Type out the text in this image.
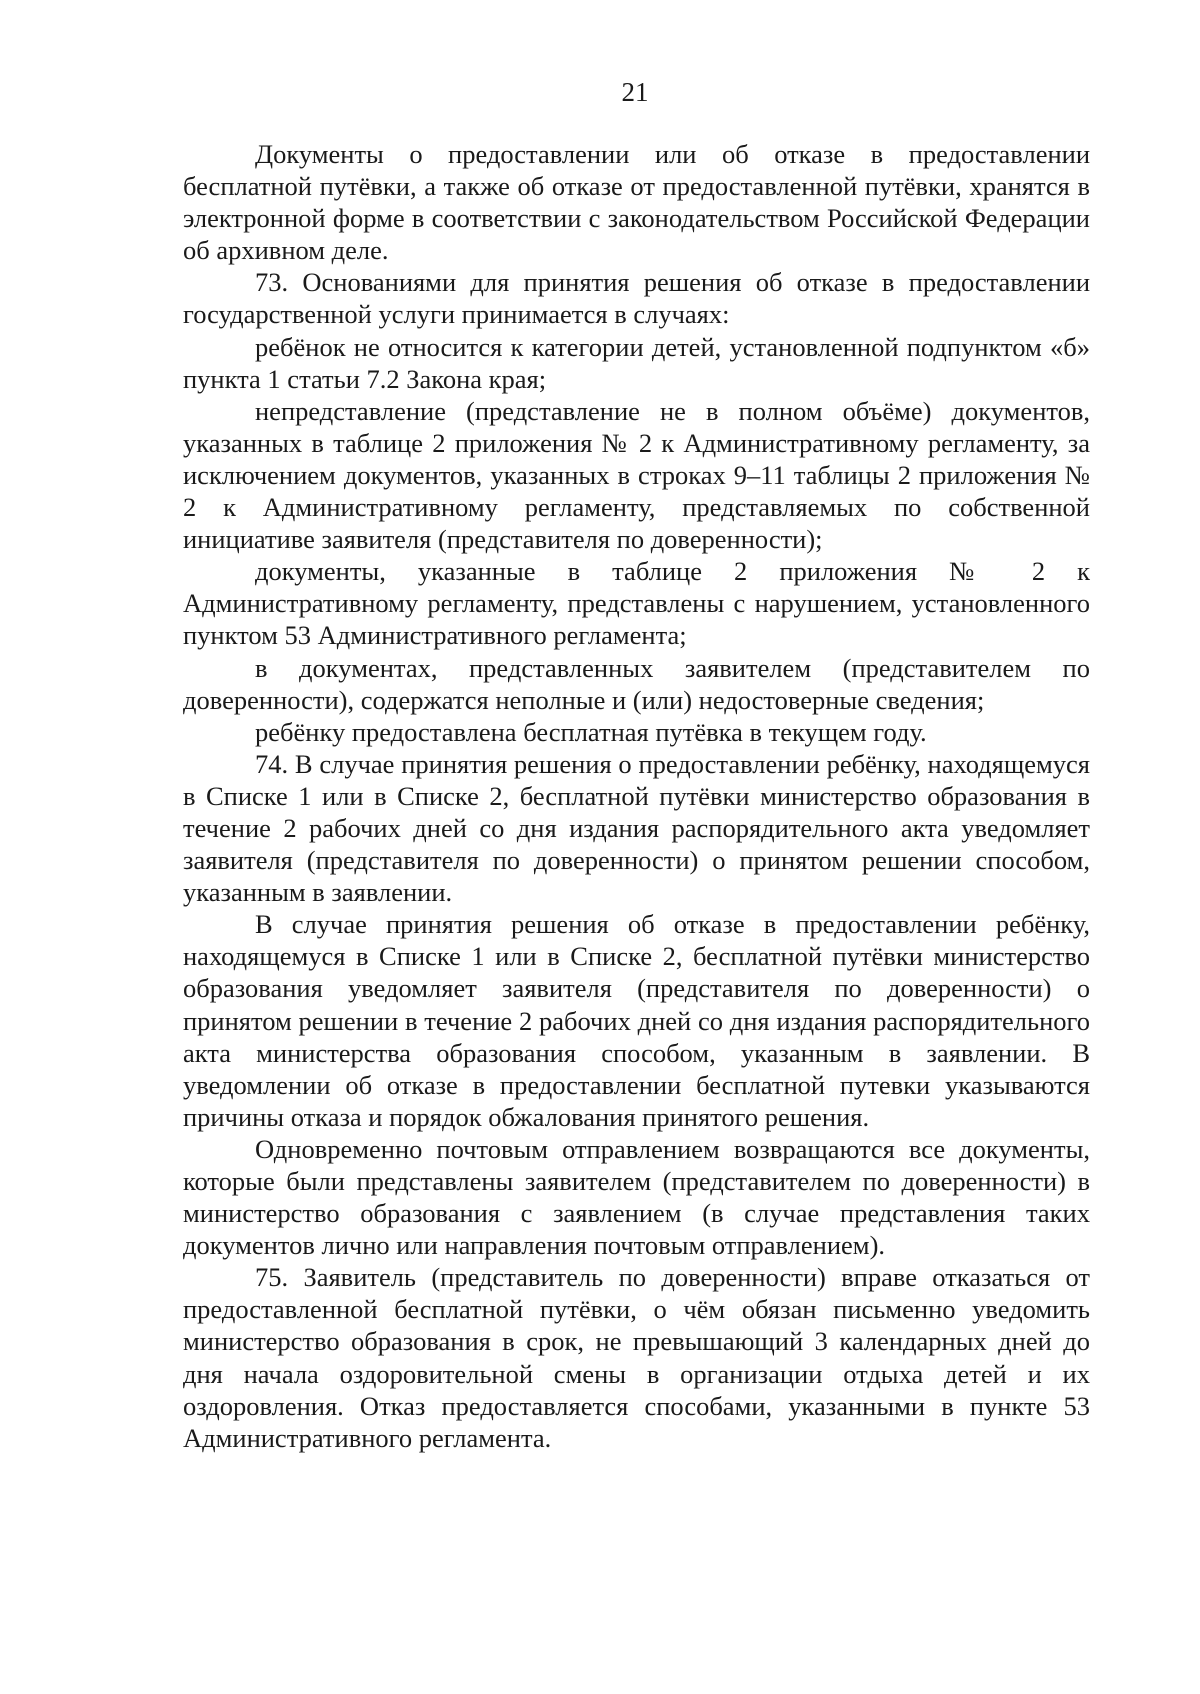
21

Документы о предоставлении или об отказе в предоставлении бесплатной путёвки, а также об отказе от предоставленной путёвки, хранятся в электронной форме в соответствии с законодательством Российской Федерации об архивном деле.

73. Основаниями для принятия решения об отказе в предоставлении государственной услуги принимается в случаях:

ребёнок не относится к категории детей, установленной подпунктом «б» пункта 1 статьи 7.2 Закона края;

непредставление (представление не в полном объёме) документов, указанных в таблице 2 приложения № 2 к Административному регламенту, за исключением документов, указанных в строках 9–11 таблицы 2 приложения № 2 к Административному регламенту, представляемых по собственной инициативе заявителя (представителя по доверенности);

документы, указанные в таблице 2 приложения № 2 к Административному регламенту, представлены с нарушением, установленного пунктом 53 Административного регламента;

в документах, представленных заявителем (представителем по доверенности), содержатся неполные и (или) недостоверные сведения;

ребёнку предоставлена бесплатная путёвка в текущем году.

74. В случае принятия решения о предоставлении ребёнку, находящемуся в Списке 1 или в Списке 2, бесплатной путёвки министерство образования в течение 2 рабочих дней со дня издания распорядительного акта уведомляет заявителя (представителя по доверенности) о принятом решении способом, указанным в заявлении.

В случае принятия решения об отказе в предоставлении ребёнку, находящемуся в Списке 1 или в Списке 2, бесплатной путёвки министерство образования уведомляет заявителя (представителя по доверенности) о принятом решении в течение 2 рабочих дней со дня издания распорядительного акта министерства образования способом, указанным в заявлении. В уведомлении об отказе в предоставлении бесплатной путевки указываются причины отказа и порядок обжалования принятого решения.

Одновременно почтовым отправлением возвращаются все документы, которые были представлены заявителем (представителем по доверенности) в министерство образования с заявлением (в случае представления таких документов лично или направления почтовым отправлением).

75. Заявитель (представитель по доверенности) вправе отказаться от предоставленной бесплатной путёвки, о чём обязан письменно уведомить министерство образования в срок, не превышающий 3 календарных дней до дня начала оздоровительной смены в организации отдыха детей и их оздоровления. Отказ предоставляется способами, указанными в пункте 53 Административного регламента.
